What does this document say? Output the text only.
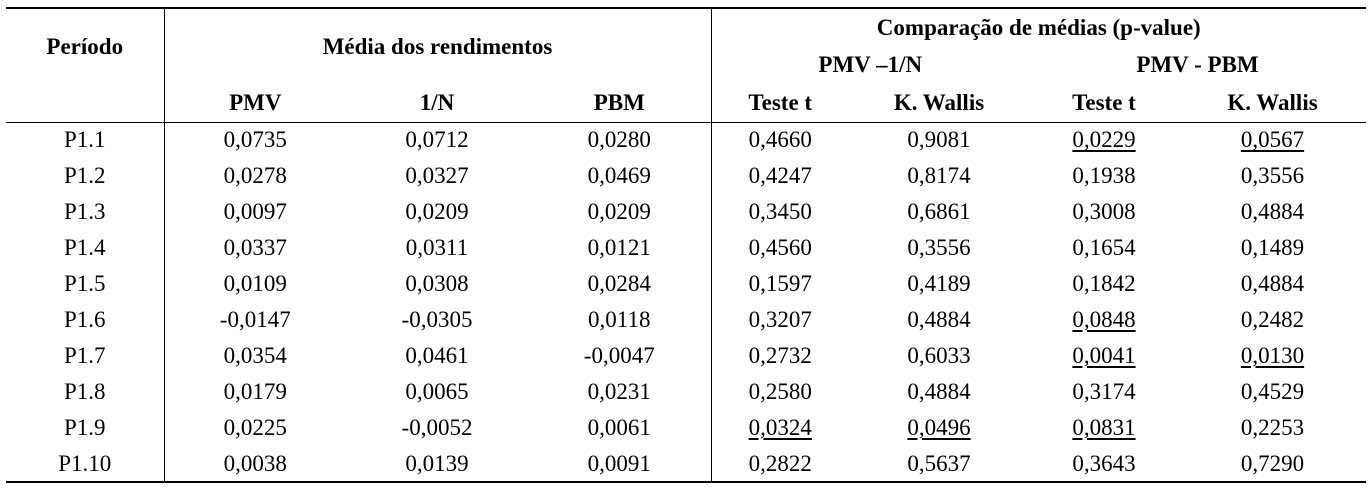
Período	Média dos rendimentos			Comparação de médias (p-value)			
				PMV –1/N		PMV - PBM	
	PMV	1/N	PBM	Teste t	K. Wallis	Teste t	K. Wallis
P1.1	0,0735	0,0712	0,0280	0,4660	0,9081	0,0229	0,0567
P1.2	0,0278	0,0327	0,0469	0,4247	0,8174	0,1938	0,3556
P1.3	0,0097	0,0209	0,0209	0,3450	0,6861	0,3008	0,4884
P1.4	0,0337	0,0311	0,0121	0,4560	0,3556	0,1654	0,1489
P1.5	0,0109	0,0308	0,0284	0,1597	0,4189	0,1842	0,4884
P1.6	-0,0147	-0,0305	0,0118	0,3207	0,4884	0,0848	0,2482
P1.7	0,0354	0,0461	-0,0047	0,2732	0,6033	0,0041	0,0130
P1.8	0,0179	0,0065	0,0231	0,2580	0,4884	0,3174	0,4529
P1.9	0,0225	-0,0052	0,0061	0,0324	0,0496	0,0831	0,2253
P1.10	0,0038	0,0139	0,0091	0,2822	0,5637	0,3643	0,7290
